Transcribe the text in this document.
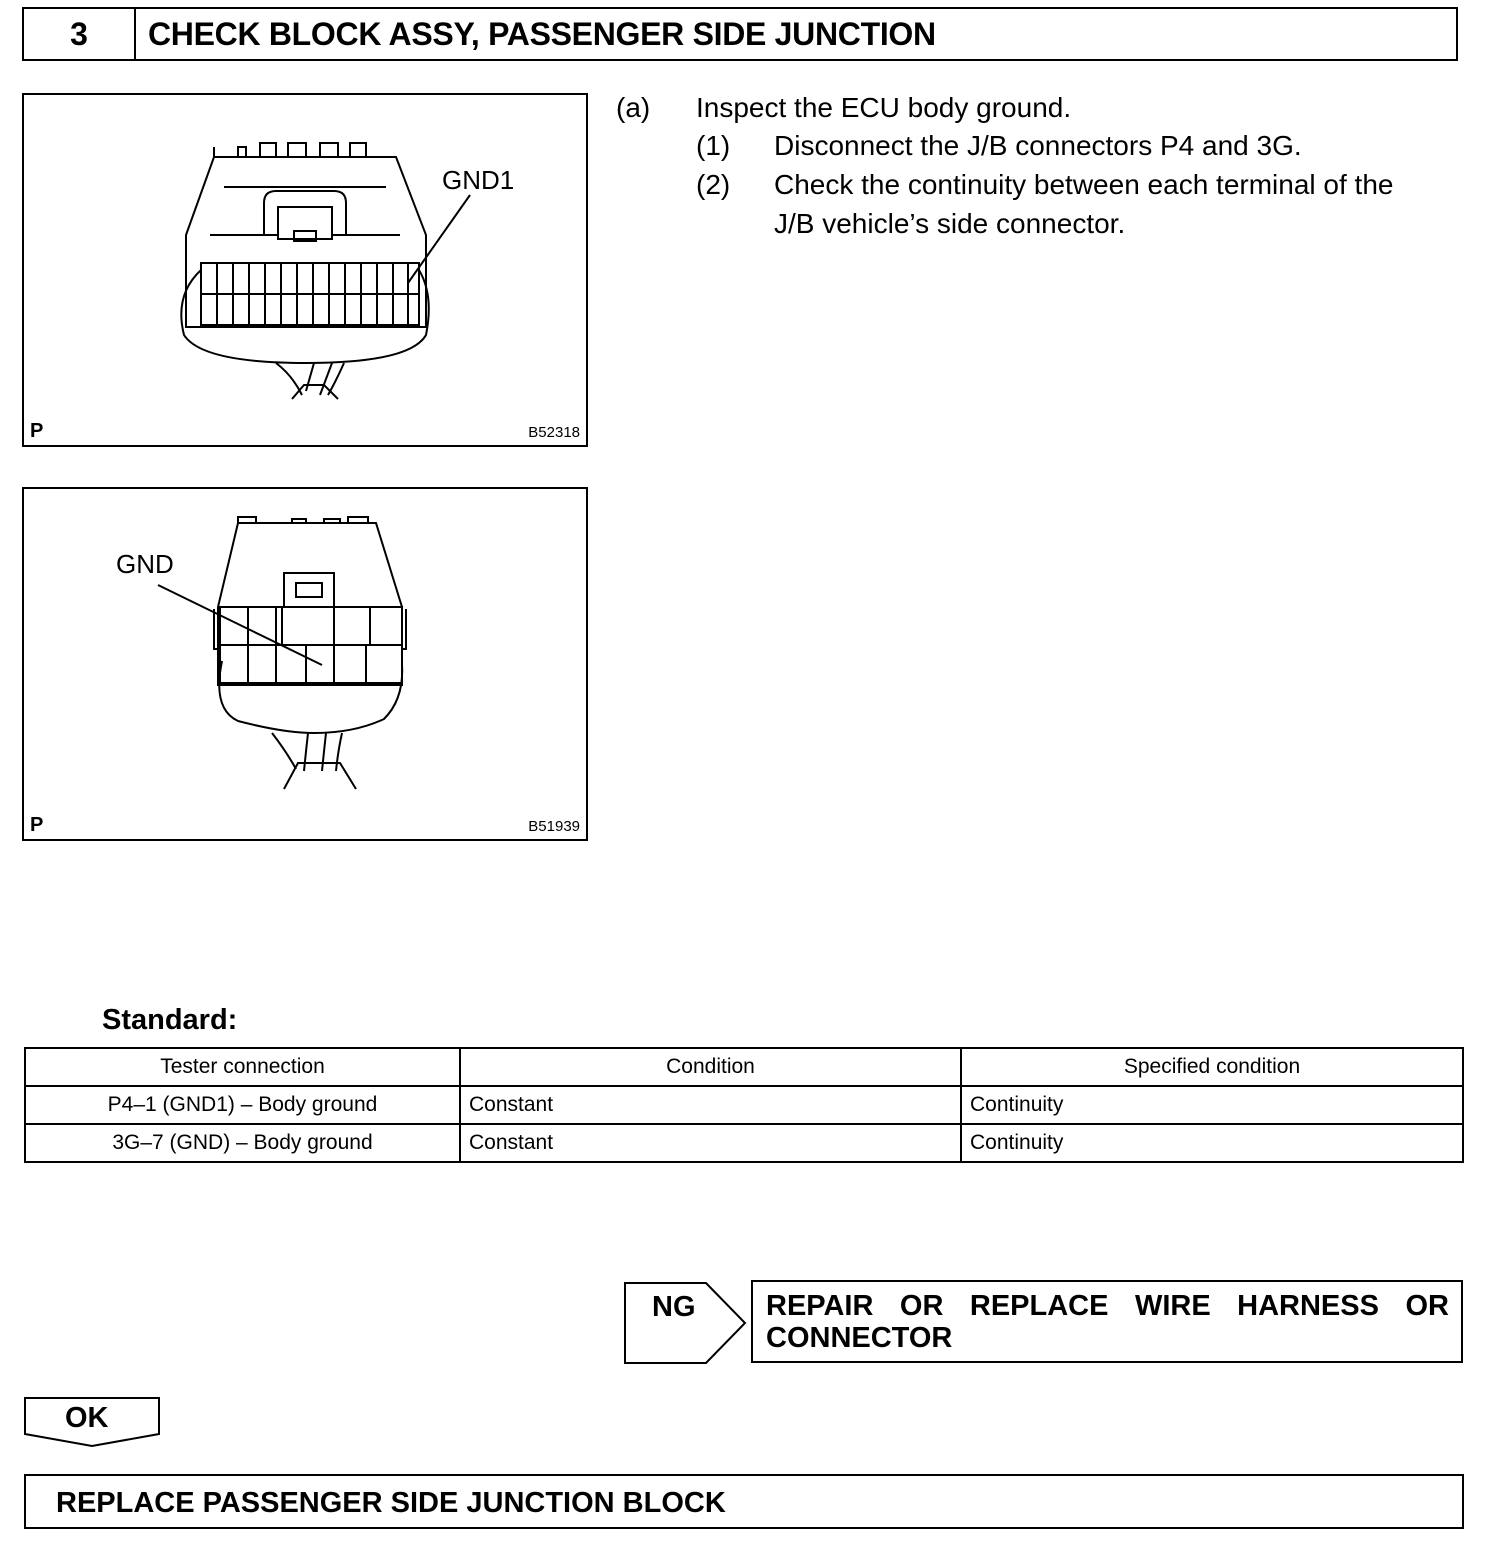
3	CHECK BLOCK ASSY, PASSENGER SIDE JUNCTION
GND1
P	B52318
GND
P	B51939
(a) Inspect the ECU body ground.
(1) Disconnect the J/B connectors P4 and 3G.
(2) Check the continuity between each terminal of the
J/B vehicle’s side connector.
Standard:
Tester connection	Condition	Specified condition
P4–1 (GND1) – Body ground	Constant	Continuity
3G–7 (GND) – Body ground	Constant	Continuity
NG REPAIR OR REPLACE WIRE HARNESS OR
CONNECTOR
OK
REPLACE PASSENGER SIDE JUNCTION BLOCK
